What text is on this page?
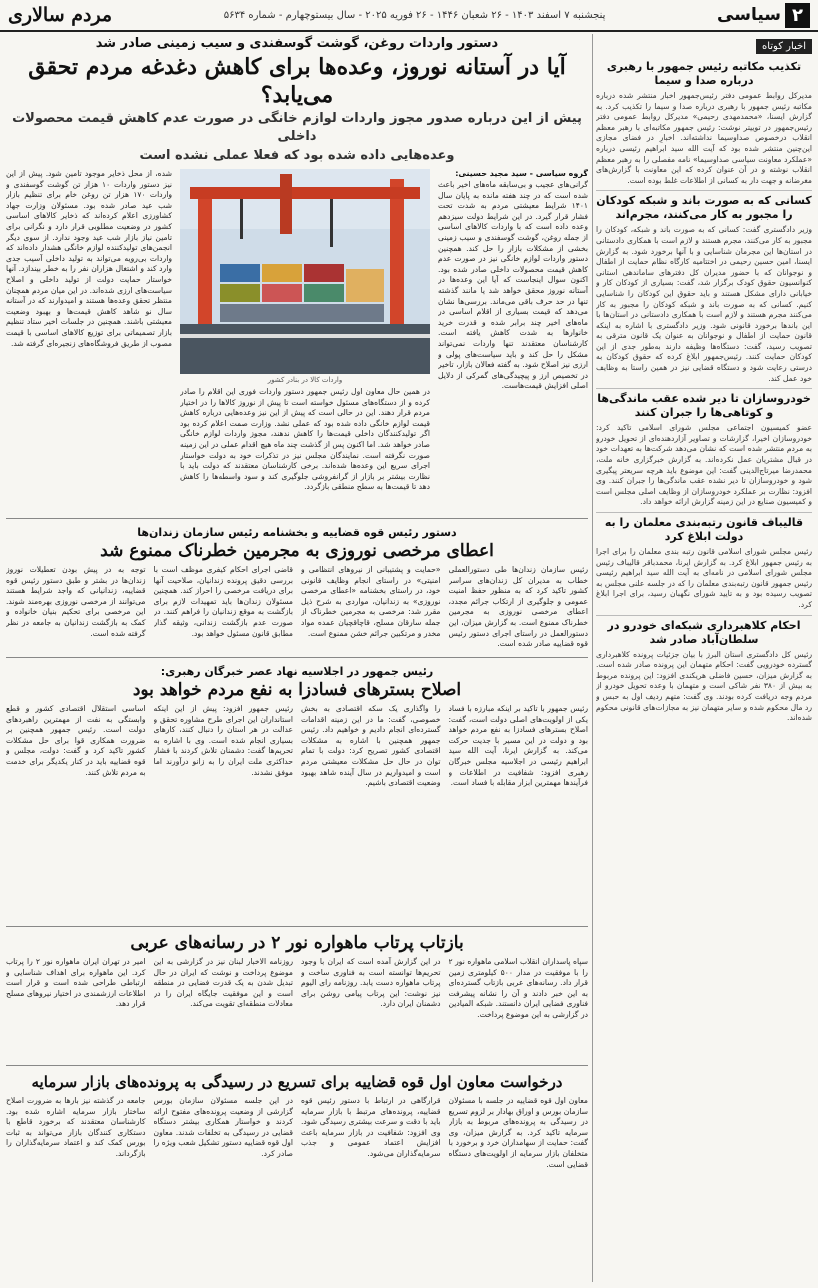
۲
سیاسی
پنجشنبه ۷ اسفند ۱۴۰۳ - ۲۶ شعبان ۱۴۴۶ - ۲۶ فوریه ۲۰۲۵ - سال بیستوچهارم - شماره ۵۶۳۴
مردم سالاری
اخبار کوتاه
تکذیب مکاتبه رئیس جمهور با رهبری درباره صدا و سیما
مدیرکل روابط عمومی دفتر رئیس‌جمهور اخبار منتشر شده درباره مکاتبه رئیس جمهور با رهبری درباره صدا و سیما را تکذیب کرد. به گزارش ایسنا، «محمدمهدی رحیمی» مدیرکل روابط عمومی دفتر رئیس‌جمهور در توییتر نوشت: رئیس جمهور مکاتبه‌ای با رهبر معظم انقلاب درخصوص صداوسیما نداشته‌اند. اخبارِ در فضای مجازی این‌چنین منتشر شده بود که آیت الله سید ابراهیم رئیسی درباره «عملکرد معاونت سیاسی صداوسیما» نامه مفصلی را به رهبر معظم انقلاب نوشته و در آن عنوان کرده که این معاونت با گزارش‌های مغرضانه و جهت دار به کسانی از اطلاعات غلط بوده است.
کسانی که به صورت باند و شبکه کودکان را مجبور به کار می‌کنند، مجرم‌اند
وزیر دادگستری گفت: کسانی که به صورت باند و شبکه، کودکان را مجبور به کار می‌کنند، مجرم هستند و لازم است با همکاری دادستانی در استان‌ها این مجرمان شناسایی و با آنها برخورد شود. به گزارش ایسنا، امین حسین رحیمی در اختتامیه کارگاه نظام حمایت از اطفال و نوجوانان که با حضور مدیران کل دفترهای ساماندهی استانی کنوانسیون حقوق کودک برگزار شد، گفت: بسیاری از کودکان کار و خیابانی دارای مشکل هستند و باید حقوق این کودکان را شناسایی کنیم. کسانی که به صورت باند و شبکه کودکان را مجبور به کار می‌کنند مجرم هستند و لازم است با همکاری دادستانی در استان‌ها با این باندها برخورد قانونی شود. وزیر دادگستری با اشاره به اینکه قانون حمایت از اطفال و نوجوانان به عنوان یک قانون مترقی به تصویب رسید، گفت: دستگاه‌ها وظیفه دارند به‌طور جدی از این کودکان حمایت کنند. رئیس‌جمهور ابلاغ کرده که حقوق کودکان به درستی رعایت شود و دستگاه قضایی نیز در همین راستا به وظایف خود عمل کند.
خودروسازان تا دیر شده عقب ماندگی‌ها و کوتاهی‌ها را جبران کنند
عضو کمیسیون اجتماعی مجلس شورای اسلامی تاکید کرد: خودروسازان اخیرا، گزارشات و تصاویر آزاردهنده‌ای از تحویل خودرو به مردم منتشر شده است که نشان می‌دهد شرکت‌ها به تعهدات خود در قبال مشتریان عمل نکرده‌اند. به گزارش خبرگزاری خانه ملت، محمدرضا میرتاج‌الدینی گفت: این موضوع باید هرچه سریعتر پیگیری شود و خودروسازان تا دیر نشده عقب ماندگی‌ها را جبران کنند. وی افزود: نظارت بر عملکرد خودروسازان از وظایف اصلی مجلس است و کمیسیون صنایع در این زمینه گزارش ارائه خواهد داد.
قالیباف قانون رتبه‌بندی معلمان را به دولت ابلاغ کرد
رئیس مجلس شورای اسلامی قانون رتبه بندی معلمان را برای اجرا به رئیس جمهور ابلاغ کرد. به گزارش ایرنا، محمدباقر قالیباف رئیس مجلس شورای اسلامی در نامه‌ای به آیت الله سید ابراهیم رئیسی رئیس جمهور قانون رتبه‌بندی معلمان را که در جلسه علنی مجلس به تصویب رسیده بود و به تایید شورای نگهبان رسید، برای اجرا ابلاغ کرد.
احکام کلاهبرداری شبکه‌ای خودرو در سلطان‌آباد صادر شد
رئیس کل دادگستری استان البرز با بیان جزئیات پرونده کلاهبرداری گسترده خودرویی گفت: احکام متهمان این پرونده صادر شده است. به گزارش میزان، حسین فاضلی هریکندی افزود: این پرونده مربوط به بیش از ۳۸۰ نفر شاکی است و متهمان با وعده تحویل خودرو از مردم وجه دریافت کرده بودند. وی گفت: متهم ردیف اول به حبس و رد مال محکوم شده و سایر متهمان نیز به مجازات‌های قانونی محکوم شده‌اند.
دستور واردات روغن، گوشت گوسفندی و سیب زمینی صادر شد
آیا در آستانه نوروز، وعده‌ها برای کاهش دغدغه مردم تحقق می‌یابد؟
پیش از این درباره صدور مجوز واردات لوازم خانگی در صورت عدم کاهش قیمت محصولات داخلی
وعده‌هایی داده شده بود که فعلا عملی نشده است
گروه سیاسی - سید مجید حسینی:
گرانی‌های عجیب و بی‌سابقه ماه‌های اخیر باعث شده است که در چند هفته مانده به پایان سال ۱۴۰۱ شرایط معیشتی مردم به شدت تحت فشار قرار گیرد. در این شرایط دولت سیزدهم وعده داده است که با واردات کالاهای اساسی از جمله روغن، گوشت گوسفندی و سیب زمینی بخشی از مشکلات بازار را حل کند. همچنین دستور واردات لوازم خانگی نیز در صورت عدم کاهش قیمت محصولات داخلی صادر شده بود. اکنون سوال اینجاست که آیا این وعده‌ها در آستانه نوروز محقق خواهد شد یا مانند گذشته تنها در حد حرف باقی می‌ماند. بررسی‌ها نشان می‌دهد که قیمت بسیاری از اقلام اساسی در ماه‌های اخیر چند برابر شده و قدرت خرید خانوارها به شدت کاهش یافته است. کارشناسان معتقدند تنها واردات نمی‌تواند مشکل را حل کند و باید سیاست‌های پولی و ارزی نیز اصلاح شود. به گفته فعالان بازار، تاخیر در تخصیص ارز و پیچیدگی‌های گمرکی از دلایل اصلی افزایش قیمت‌هاست.
واردات کالا در بنادر کشور
در همین حال معاون اول رئیس جمهور دستور واردات فوری این اقلام را صادر کرده و از دستگاه‌های مسئول خواسته است تا پیش از نوروز کالاها را در اختیار مردم قرار دهند. این در حالی است که پیش از این نیز وعده‌هایی درباره کاهش قیمت لوازم خانگی داده شده بود که عملی نشد. وزارت صمت اعلام کرده بود اگر تولیدکنندگان داخلی قیمت‌ها را کاهش ندهند، مجوز واردات لوازم خانگی صادر خواهد شد. اما اکنون پس از گذشت چند ماه هیچ اقدام عملی در این زمینه صورت نگرفته است. نمایندگان مجلس نیز در تذکرات خود به دولت خواستار اجرای سریع این وعده‌ها شده‌اند. برخی کارشناسان معتقدند که دولت باید با نظارت بیشتر بر بازار از گرانفروشی جلوگیری کند و سود واسطه‌ها را کاهش دهد تا قیمت‌ها به سطح منطقی بازگردد.
شده، از محل ذخایر موجود تامین شود. پیش از این نیز دستور واردات ۱۰ هزار تن گوشت گوسفندی و واردات ۱۷۰ هزار تن روغن خام برای تنظیم بازار شب عید صادر شده بود. مسئولان وزارت جهاد کشاورزی اعلام کرده‌اند که ذخایر کالاهای اساسی کشور در وضعیت مطلوبی قرار دارد و نگرانی برای تامین نیاز بازار شب عید وجود ندارد. از سوی دیگر انجمن‌های تولیدکننده لوازم خانگی هشدار داده‌اند که واردات بی‌رویه می‌تواند به تولید داخلی آسیب جدی وارد کند و اشتغال هزاران نفر را به خطر بیندازد. آنها خواستار حمایت دولت از تولید داخلی و اصلاح سیاست‌های ارزی شده‌اند. در این میان مردم همچنان منتظر تحقق وعده‌ها هستند و امیدوارند که در آستانه سال نو شاهد کاهش قیمت‌ها و بهبود وضعیت معیشتی باشند. همچنین در جلسات اخیر ستاد تنظیم بازار تصمیماتی برای توزیع کالاهای اساسی با قیمت مصوب از طریق فروشگاه‌های زنجیره‌ای گرفته شد.
دستور رئیس قوه قضاییه و بخشنامه رئیس سازمان زندان‌ها
اعطای مرخصی نوروزی به مجرمین خطرناک ممنوع شد
رئیس سازمان زندان‌ها طی دستورالعملی خطاب به مدیران کل زندان‌های سراسر کشور تاکید کرد که به منظور حفظ امنیت عمومی و جلوگیری از ارتکاب جرائم مجدد، اعطای مرخصی نوروزی به مجرمین خطرناک ممنوع است. به گزارش میزان، این دستورالعمل در راستای اجرای دستور رئیس قوه قضاییه صادر شده است.
«حمایت و پشتیبانی از نیروهای انتظامی و امنیتی» در راستای انجام وظایف قانونی خود، در راستای بخشنامه «اعطای مرخصی نوروزی» به زندانیان، مواردی به شرح ذیل مقرر شد: مرخصی به مجرمین خطرناک از جمله سارقان مسلح، قاچاقچیان عمده مواد مخدر و مرتکبین جرائم خشن ممنوع است.
قاضی اجرای احکام کیفری موظف است با بررسی دقیق پرونده زندانیان، صلاحیت آنها برای دریافت مرخصی را احراز کند. همچنین مسئولان زندان‌ها باید تمهیدات لازم برای بازگشت به موقع زندانیان را فراهم کنند. در صورت عدم بازگشت زندانی، وثیقه گذار مطابق قانون مسئول خواهد بود.
توجه به در پیش بودن تعطیلات نوروز زندان‌ها در بشتر و طبق دستور رئیس قوه قضاییه، زندانیانی که واجد شرایط هستند می‌توانند از مرخصی نوروزی بهره‌مند شوند. این مرخصی برای تحکیم بنیان خانواده و کمک به بازگشت زندانیان به جامعه در نظر گرفته شده است.
رئیس جمهور در اجلاسیه نهاد عصر خبرگان رهبری:
اصلاح بسترهای فسادزا به نفع مردم خواهد بود
رئیس جمهور با تاکید بر اینکه مبارزه با فساد یکی از اولویت‌های اصلی دولت است، گفت: اصلاح بسترهای فسادزا به نفع مردم خواهد بود و دولت در این مسیر با جدیت حرکت می‌کند. به گزارش ایرنا، آیت الله سید ابراهیم رئیسی در اجلاسیه مجلس خبرگان رهبری افزود: شفافیت در اطلاعات و فرآیندها مهمترین ابزار مقابله با فساد است.
را واگذاری یک سکه اقتصادی به بخش خصوصی، گفت: ما در این زمینه اقدامات گسترده‌ای انجام دادیم و خواهیم داد. رئیس جمهور همچنین با اشاره به مشکلات اقتصادی کشور تصریح کرد: دولت با تمام توان در حال حل مشکلات معیشتی مردم است و امیدواریم در سال آینده شاهد بهبود وضعیت اقتصادی باشیم.
رئیس جمهور افزود: پیش از این اینکه استانداران این اجرای طرح مشاوره تحقق و عدالت در هر استان را دنبال کنند، کارهای بسیاری انجام شده است. وی با اشاره به تحریم‌ها گفت: دشمنان تلاش کردند با فشار حداکثری ملت ایران را به زانو درآورند اما موفق نشدند.
اساسی استقلال اقتصادی کشور و قطع وابستگی به نفت از مهمترین راهبردهای دولت است. رئیس جمهور همچنین بر ضرورت همکاری قوا برای حل مشکلات کشور تاکید کرد و گفت: دولت، مجلس و قوه قضاییه باید در کنار یکدیگر برای خدمت به مردم تلاش کنند.
بازتاب پرتاب ماهواره نور ۲ در رسانه‌های عربی
سپاه پاسداران انقلاب اسلامی ماهواره نور ۲ را با موفقیت در مدار ۵۰۰ کیلومتری زمین قرار داد. رسانه‌های عربی بازتاب گسترده‌ای به این خبر دادند و آن را نشانه پیشرفت فناوری فضایی ایران دانستند. شبکه المیادین در گزارشی به این موضوع پرداخت.
در این گزارش آمده است که ایران با وجود تحریم‌ها توانسته است به فناوری ساخت و پرتاب ماهواره دست یابد. روزنامه رای الیوم نیز نوشت: این پرتاب پیامی روشن برای دشمنان ایران دارد.
روزنامه الاخبار لبنان نیز در گزارشی به این موضوع پرداخت و نوشت که ایران در حال تبدیل شدن به یک قدرت فضایی در منطقه است و این موفقیت جایگاه ایران را در معادلات منطقه‌ای تقویت می‌کند.
امیر در تهران ایران ماهواره نور ۲ را پرتاب کرد. این ماهواره برای اهداف شناسایی و ارتباطی طراحی شده است و قرار است اطلاعات ارزشمندی در اختیار نیروهای مسلح قرار دهد.
درخواست معاون اول قوه قضاییه برای تسریع در رسیدگی به پرونده‌های بازار سرمایه
معاون اول قوه قضاییه در جلسه با مسئولان سازمان بورس و اوراق بهادار بر لزوم تسریع در رسیدگی به پرونده‌های مربوط به بازار سرمایه تاکید کرد. به گزارش میزان، وی گفت: حمایت از سهامداران خرد و برخورد با متخلفان بازار سرمایه از اولویت‌های دستگاه قضایی است.
قرارگاهی در ارتباط با دستور رئیس قوه قضاییه، پرونده‌های مرتبط با بازار سرمایه باید با دقت و سرعت بیشتری رسیدگی شود. وی افزود: شفافیت در بازار سرمایه باعث افزایش اعتماد عمومی و جذب سرمایه‌گذاران می‌شود.
در این جلسه مسئولان سازمان بورس گزارشی از وضعیت پرونده‌های مفتوح ارائه کردند و خواستار همکاری بیشتر دستگاه قضایی در رسیدگی به تخلفات شدند. معاون اول قوه قضاییه دستور تشکیل شعب ویژه را صادر کرد.
جامعه در گذشته نیز بارها به ضرورت اصلاح ساختار بازار سرمایه اشاره شده بود. کارشناسان معتقدند که برخورد قاطع با دستکاری کنندگان بازار می‌تواند به ثبات بورس کمک کند و اعتماد سرمایه‌گذاران را بازگرداند.
